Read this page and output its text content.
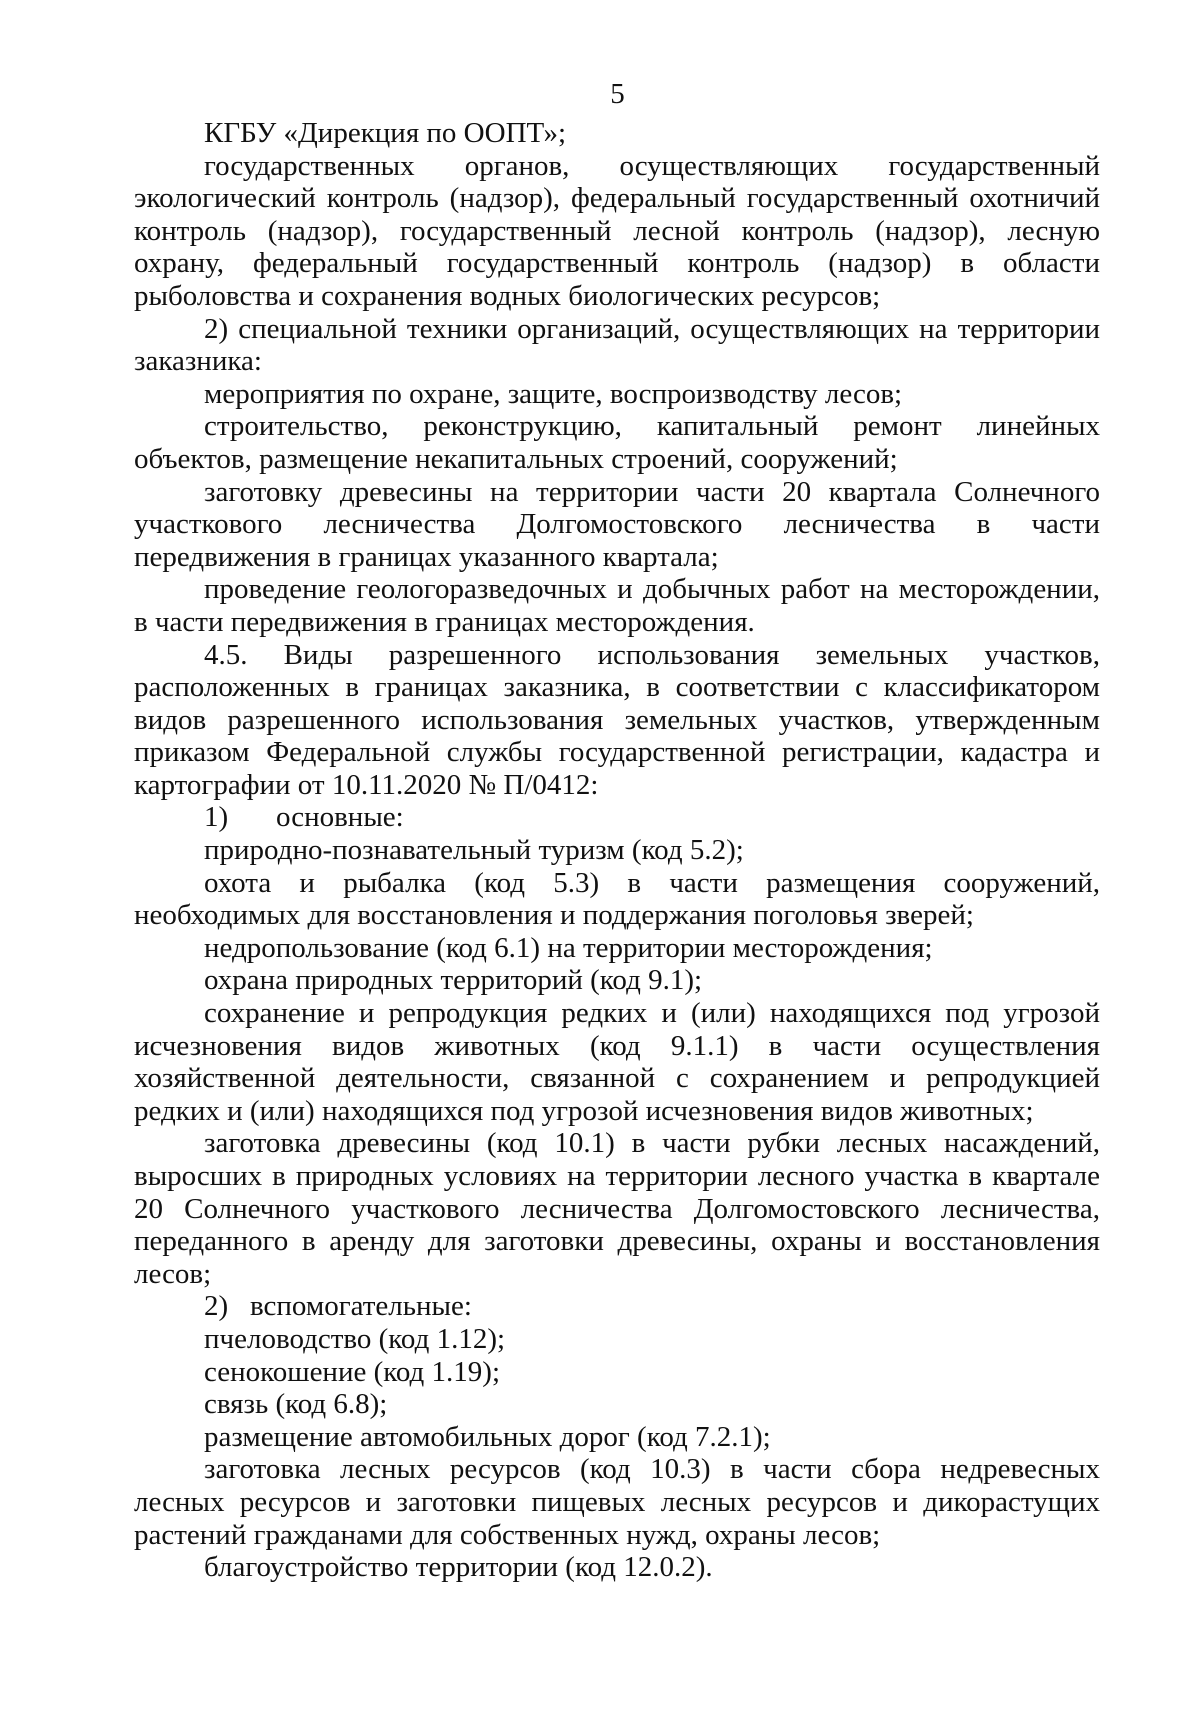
5

КГБУ «Дирекция по ООПТ»;

государственных органов, осуществляющих государственный экологический контроль (надзор), федеральный государственный охотничий контроль (надзор), государственный лесной контроль (надзор), лесную охрану, федеральный государственный контроль (надзор) в области рыболовства и сохранения водных биологических ресурсов;

2) специальной техники организаций, осуществляющих на территории заказника:

мероприятия по охране, защите, воспроизводству лесов;

строительство, реконструкцию, капитальный ремонт линейных объектов, размещение некапитальных строений, сооружений;

заготовку древесины на территории части 20 квартала Солнечного участкового лесничества Долгомостовского лесничества в части передвижения в границах указанного квартала;

проведение геологоразведочных и добычных работ на месторождении, в части передвижения в границах месторождения.

4.5. Виды разрешенного использования земельных участков, расположенных в границах заказника, в соответствии с классификатором видов разрешенного использования земельных участков, утвержденным приказом Федеральной службы государственной регистрации, кадастра и картографии от 10.11.2020 № П/0412:

1) основные:

природно-познавательный туризм (код 5.2);

охота и рыбалка (код 5.3) в части размещения сооружений, необходимых для восстановления и поддержания поголовья зверей;

недропользование (код 6.1) на территории месторождения;

охрана природных территорий (код 9.1);

сохранение и репродукция редких и (или) находящихся под угрозой исчезновения видов животных (код 9.1.1) в части осуществления хозяйственной деятельности, связанной с сохранением и репродукцией редких и (или) находящихся под угрозой исчезновения видов животных;

заготовка древесины (код 10.1) в части рубки лесных насаждений, выросших в природных условиях на территории лесного участка в квартале 20 Солнечного участкового лесничества Долгомостовского лесничества, переданного в аренду для заготовки древесины, охраны и восстановления лесов;

2) вспомогательные:

пчеловодство (код 1.12);

сенокошение (код 1.19);

связь (код 6.8);

размещение автомобильных дорог (код 7.2.1);

заготовка лесных ресурсов (код 10.3) в части сбора недревесных лесных ресурсов и заготовки пищевых лесных ресурсов и дикорастущих растений гражданами для собственных нужд, охраны лесов;

благоустройство территории (код 12.0.2).
